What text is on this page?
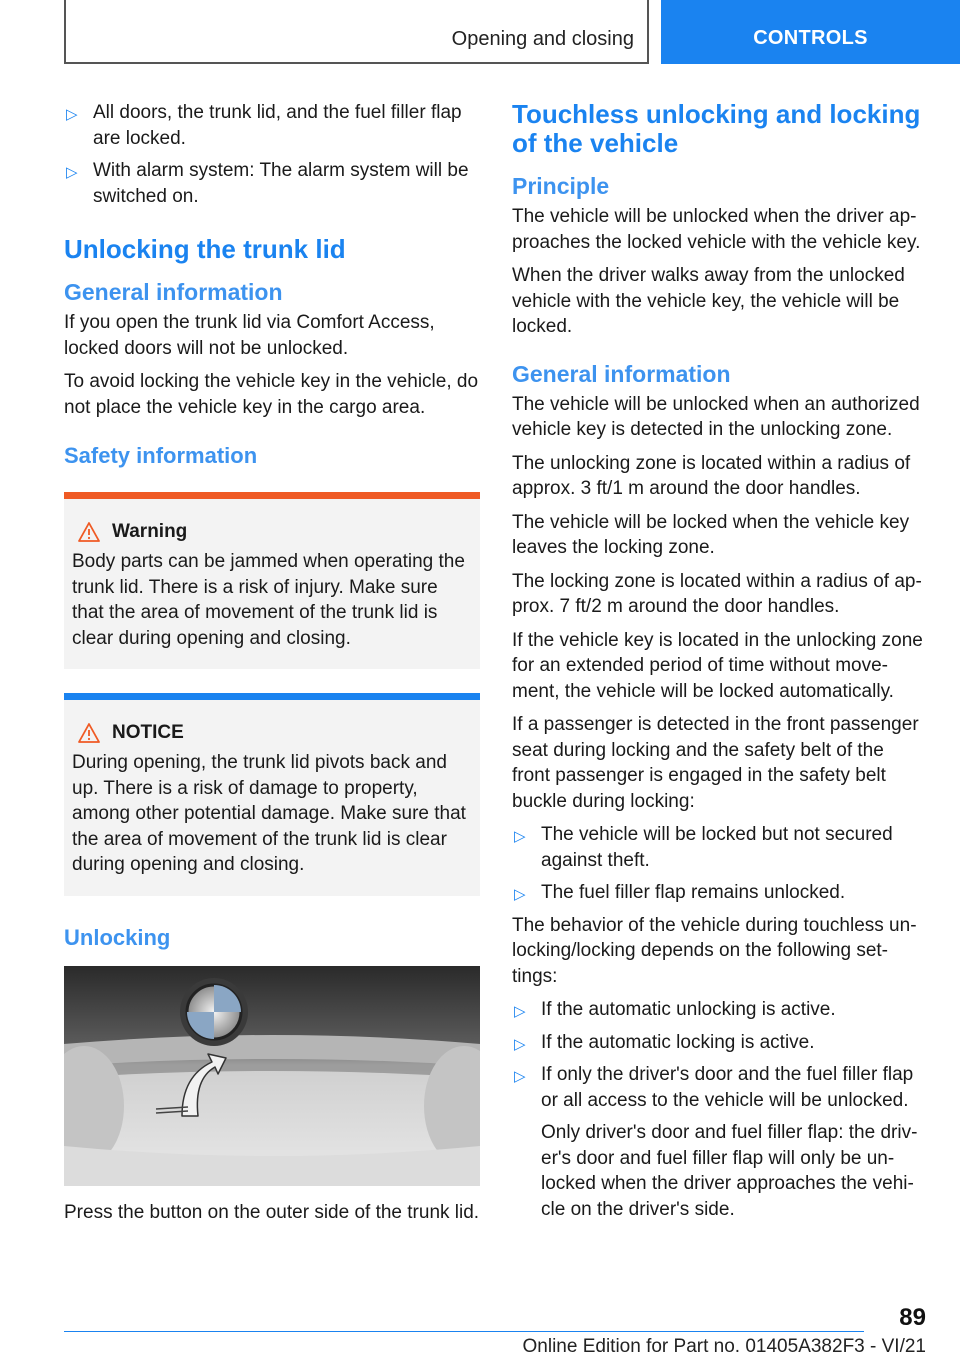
Opening and closing	CONTROLS
▷ All doors, the trunk lid, and the fuel filler flap are locked.
▷ With alarm system: The alarm system will be switched on.
Unlocking the trunk lid
General information

If you open the trunk lid via Comfort Access, locked doors will not be unlocked.

To avoid locking the vehicle key in the vehicle, do not place the vehicle key in the cargo area.

Safety information
Warning

Body parts can be jammed when operating the trunk lid. There is a risk of injury. Make sure that the area of movement of the trunk lid is clear during opening and closing.

NOTICE

During opening, the trunk lid pivots back and up. There is a risk of damage to property, among other potential damage. Make sure that the area of movement of the trunk lid is clear during opening and closing.

Unlocking

Press the button on the outer side of the trunk lid.

Touchless unlocking and locking of the vehicle
Principle

The vehicle will be unlocked when the driver ap‐proaches the locked vehicle with the vehicle key.

When the driver walks away from the unlocked vehicle with the vehicle key, the vehicle will be locked.

General information

The vehicle will be unlocked when an authorized vehicle key is detected in the unlocking zone.

The unlocking zone is located within a radius of approx. 3 ft/1 m around the door handles.

The vehicle will be locked when the vehicle key leaves the locking zone.

The locking zone is located within a radius of ap‐prox. 7 ft/2 m around the door handles.

If the vehicle key is located in the unlocking zone for an extended period of time without move‐ment, the vehicle will be locked automatically.

If a passenger is detected in the front passenger seat during locking and the safety belt of the front passenger is engaged in the safety belt buckle during locking:

▷ The vehicle will be locked but not secured against theft.
▷ The fuel filler flap remains unlocked.

The behavior of the vehicle during touchless un‐locking/locking depends on the following set‐tings:

▷ If the automatic unlocking is active.
▷ If the automatic locking is active.
▷ If only the driver's door and the fuel filler flap or all access to the vehicle will be unlocked.

Only driver's door and fuel filler flap: the driv‐er's door and fuel filler flap will only be un‐locked when the driver approaches the vehi‐cle on the driver's side.

89
Online Edition for Part no. 01405A382F3 - VI/21
